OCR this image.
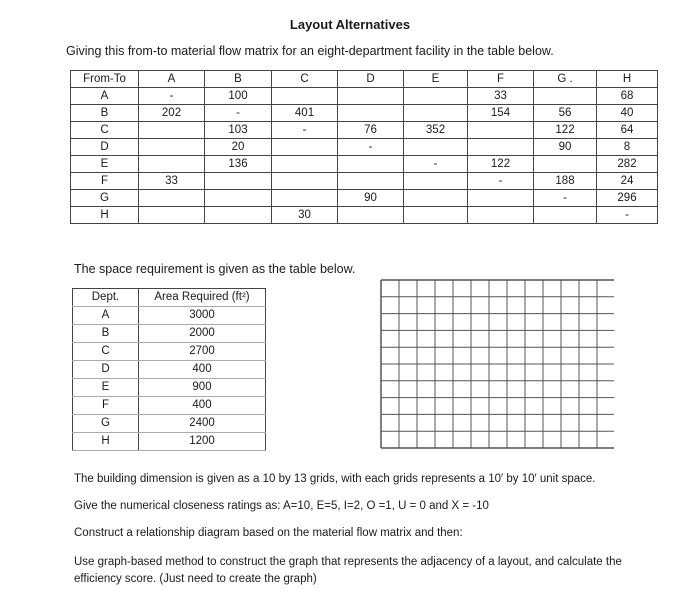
Layout Alternatives
Giving this from-to material flow matrix for an eight-department facility in the table below.
From-To	A	B	C	D	E	F	G .	H
A	-	100				33		68
B	202	-	401			154	56	40
C		103	-	76	352		122	64
D		20		-			90	8
E		136			-	122		282
F	33					-	188	24
G				90			-	296
H			30					-
The space requirement is given as the table below.
Dept.	Area Required (ft²)
A	3000
B	2000
C	2700
D	400
E	900
F	400
G	2400
H	1200
The building dimension is given as a 10 by 13 grids, with each grids represents a 10′ by 10′ unit space.
Give the numerical closeness ratings as: A=10, E=5, I=2, O =1, U = 0 and X = -10
Construct a relationship diagram based on the material flow matrix and then:
Use graph-based method to construct the graph that represents the adjacency of a layout, and calculate the efficiency score. (Just need to create the graph)
